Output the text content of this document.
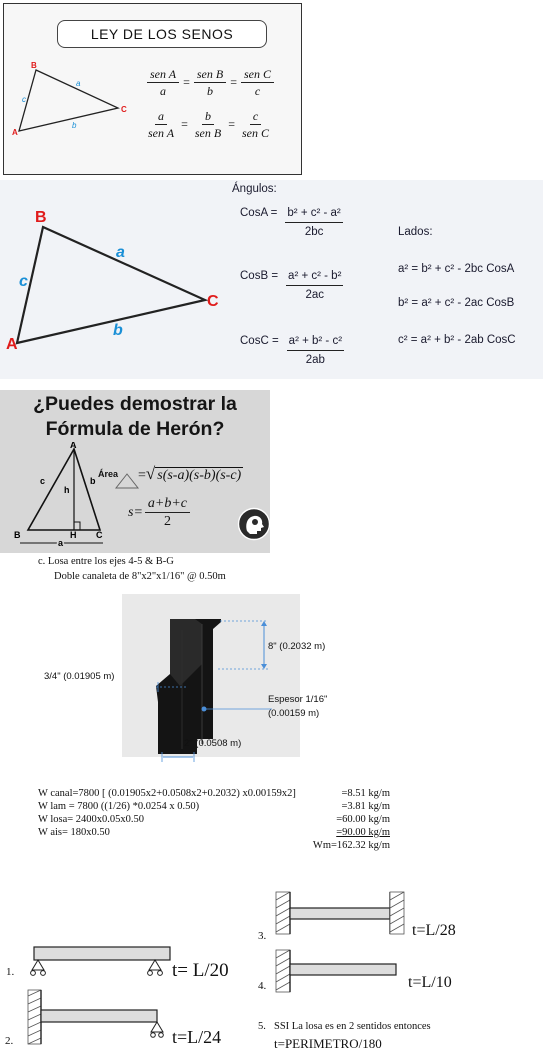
LEY DE LOS SENOS
B
C
A
a
c
b
$\frac{\text{sen A}}{a} = \frac{\text{sen B}}{b} = \frac{\text{sen C}}{c}$
$\frac{a}{\text{sen A}} = \frac{b}{\text{sen B}} = \frac{c}{\text{sen C}}$
B
C
A
a
c
b
Ángulos:
CosA = $\frac{\text{b² + c² - a²}}{2bc}$
CosB = $\frac{\text{a² + c² - b²}}{2ac}$
CosC = $\frac{\text{a² + b² - c²}}{2ab}$
Lados:
a² = b² + c² - 2bc CosA
b² = a² + c² - 2ac CosB
c² = a² + b² - 2ab CosC
¿Puedes demostrar la
Fórmula de Herón?
A
B	C
H
c	b
h
a
Área =√ s(s-a)(s-b)(s-c)
$s= \frac{a+b+c}{2}$
c. Losa entre los ejes 4-5 & B-G
Doble canaleta de 8"x2"x1/16" @ 0.50m
8" (0.2032 m)
3/4" (0.01905 m)
Espesor 1/16"
(0.00159 m)
2" (0.0508 m)
W canal=7800 [ (0.01905x2+0.0508x2+0.2032) x0.00159x2]	=8.51 kg/m
W lam = 7800 ((1/26) *0.0254 x 0.50)	=3.81 kg/m
W losa= 2400x0.05x0.50	=60.00 kg/m
W ais= 180x0.50	=90.00 kg/m
Wm=162.32 kg/m
1.	t= L/20
2.	t=L/24
3.	t=L/28
4.	t=L/10
5. SSI La losa es en 2 sentidos entonces
t=PERIMETRO/180
